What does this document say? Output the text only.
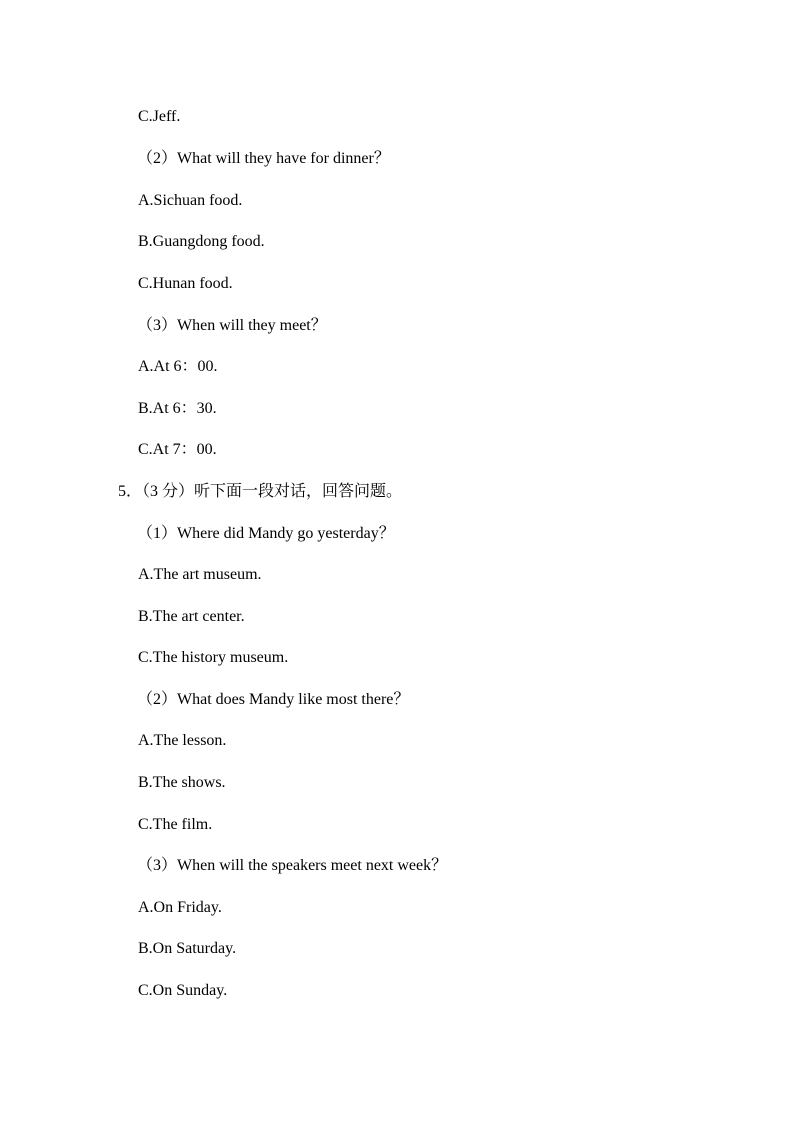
C.Jeff.
（2）What will they have for dinner？
A.Sichuan food.
B.Guangdong food.
C.Hunan food.
（3）When will they meet？
A.At 6：00.
B.At 6：30.
C.At 7：00.
5．（3 分）听下面一段对话，回答问题。
（1）Where did Mandy go yesterday？
A.The art museum.
B.The art center.
C.The history museum.
（2）What does Mandy like most there？
A.The lesson.
B.The shows.
C.The film.
（3）When will the speakers meet next week？
A.On Friday.
B.On Saturday.
C.On Sunday.
